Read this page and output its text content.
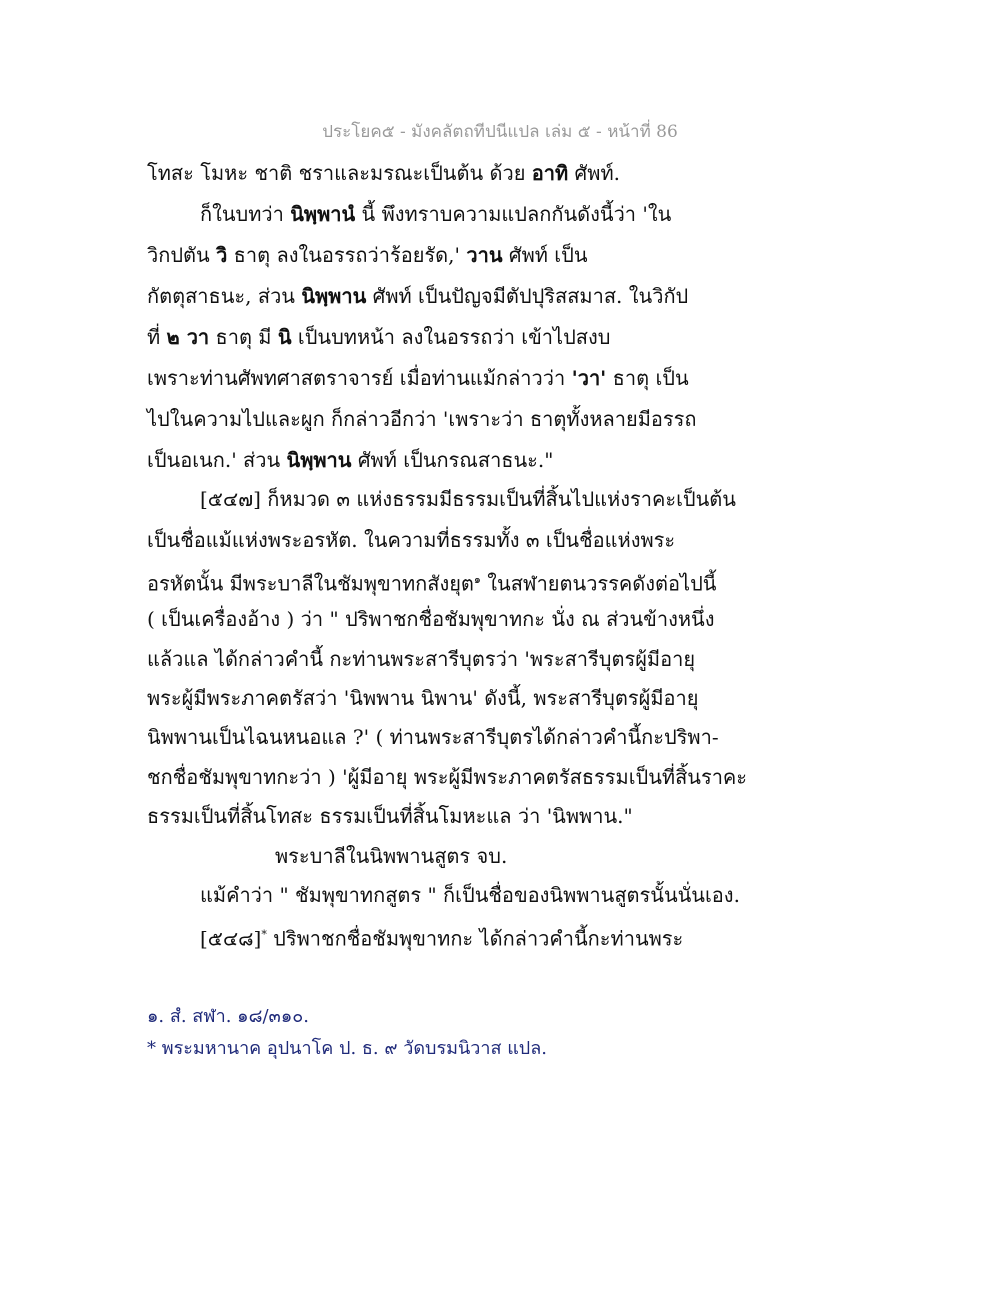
ประโยค๕ - มังคลัตถทีปนีแปล เล่ม ๕ - หน้าที่ 86
โทสะ โมหะ ชาติ ชราและมรณะเป็นต้น ด้วย อาทิ ศัพท์.
ก็ในบทว่า นิพฺพานํ นี้ พึงทราบความแปลกกันดังนี้ว่า 'ใน
วิกปตัน วิ ธาตุ ลงในอรรถว่าร้อยรัด,' วาน ศัพท์ เป็น
กัตตุสาธนะ, ส่วน นิพฺพาน ศัพท์ เป็นปัญจมีตัปปุริสสมาส. ในวิกัป
ที่ ๒ วา ธาตุ มี นิ เป็นบทหน้า ลงในอรรถว่า เข้าไปสงบ
เพราะท่านศัพทศาสตราจารย์ เมื่อท่านแม้กล่าวว่า 'วา' ธาตุ เป็น
ไปในความไปและผูก ก็กล่าวอีกว่า 'เพราะว่า ธาตุทั้งหลายมีอรรถ
เป็นอเนก.' ส่วน นิพฺพาน ศัพท์ เป็นกรณสาธนะ."
[๕๔๗] ก็หมวด ๓ แห่งธรรมมีธรรมเป็นที่สิ้นไปแห่งราคะเป็นต้น
เป็นชื่อแม้แห่งพระอรหัต. ในความที่ธรรมทั้ง ๓ เป็นชื่อแห่งพระ
อรหัตนั้น มีพระบาลีในชัมพุขาทกสังยุต$^๑$ ในสฬายตนวรรคดังต่อไปนี้
( เป็นเครื่องอ้าง ) ว่า " ปริพาชกชื่อชัมพุขาทกะ นั่ง ณ ส่วนข้างหนึ่ง
แล้วแล ได้กล่าวคำนี้ กะท่านพระสารีบุตรว่า 'พระสารีบุตรผู้มีอายุ
พระผู้มีพระภาคตรัสว่า 'นิพพาน นิพาน' ดังนี้, พระสารีบุตรผู้มีอายุ
นิพพานเป็นไฉนหนอแล ?' ( ท่านพระสารีบุตรได้กล่าวคำนี้กะปริพา-
ชกชื่อชัมพุขาทกะว่า ) 'ผู้มีอายุ พระผู้มีพระภาคตรัสธรรมเป็นที่สิ้นราคะ
ธรรมเป็นที่สิ้นโทสะ ธรรมเป็นที่สิ้นโมหะแล ว่า 'นิพพาน."
พระบาลีในนิพพานสูตร จบ.
แม้คำว่า " ชัมพุขาทกสูตร " ก็เป็นชื่อของนิพพานสูตรนั้นนั่นเอง.
[๕๔๘]* ปริพาชกชื่อชัมพุขาทกะ ได้กล่าวคำนี้กะท่านพระ
๑. สํ. สฬา. ๑๘/๓๑๐.
* พระมหานาค อุปนาโค ป. ธ. ๙ วัดบรมนิวาส แปล.
